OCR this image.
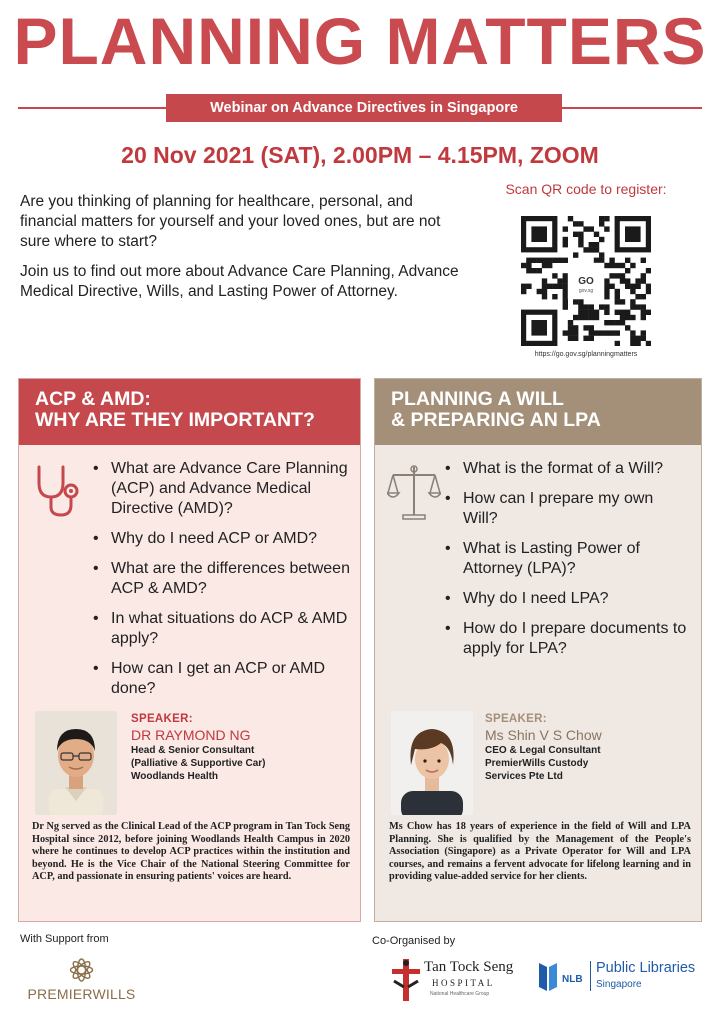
PLANNING MATTERS
Webinar on Advance Directives in Singapore
20 Nov 2021 (SAT), 2.00PM – 4.15PM, ZOOM

Are you thinking of planning for healthcare, personal, and financial matters for yourself and your loved ones, but are not sure where to start?

Join us to find out more about Advance Care Planning, Advance Medical Directive, Wills, and Lasting Power of Attorney.

Scan QR code to register:
GO
gov.sg
https://go.gov.sg/planningmatters
ACP & AMD:
WHY ARE THEY IMPORTANT?
• What are Advance Care Planning (ACP) and Advance Medical Directive (AMD)?
• Why do I need ACP or AMD?
• What are the differences between ACP & AMD?
• In what situations do ACP & AMD apply?
• How can I get an ACP or AMD done?
SPEAKER:
DR RAYMOND NG
Head & Senior Consultant
(Palliative & Supportive Car)
Woodlands Health
Dr Ng served as the Clinical Lead of the ACP program in Tan Tock Seng Hospital since 2012, before joining Woodlands Health Campus in 2020 where he continues to develop ACP practices within the institution and beyond. He is the Vice Chair of the National Steering Committee for ACP, and passionate in ensuring patients' voices are heard.
PLANNING A WILL
& PREPARING AN LPA
• What is the format of a Will?
• How can I prepare my own Will?
• What is Lasting Power of Attorney (LPA)?
• Why do I need LPA?
• How do I prepare documents to apply for LPA?
SPEAKER:
Ms Shin V S Chow
CEO & Legal Consultant
PremierWills Custody
Services Pte Ltd
Ms Chow has 18 years of experience in the field of Will and LPA Planning. She is qualified by the Management of the People's Association (Singapore) as a Private Operator for Will and LPA courses, and remains a fervent advocate for lifelong learning and in providing value-added service for her clients.
With Support from	Co-Organised by
PREMIERWILLS
Tan Tock Seng
HOSPITAL
National Healthcare Group
NLB
Public Libraries
Singapore
